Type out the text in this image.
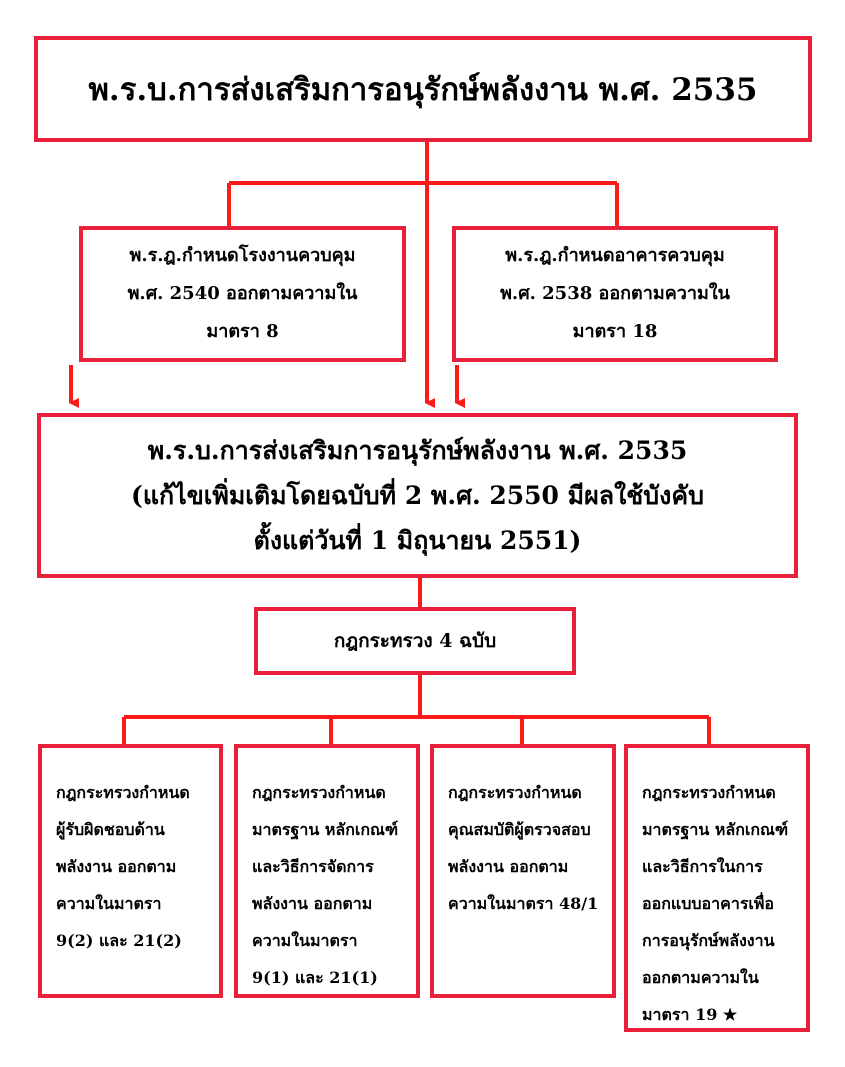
พ.ร.บ.การส่งเสริมการอนุรักษ์พลังงาน พ.ศ. 2535
พ.ร.ฎ.กำหนดโรงงานควบคุม
พ.ศ. 2540 ออกตามความใน
มาตรา 8
พ.ร.ฎ.กำหนดอาคารควบคุม
พ.ศ. 2538 ออกตามความใน
มาตรา 18
พ.ร.บ.การส่งเสริมการอนุรักษ์พลังงาน พ.ศ. 2535
(แก้ไขเพิ่มเติมโดยฉบับที่ 2 พ.ศ. 2550 มีผลใช้บังคับ
ตั้งแต่วันที่ 1 มิถุนายน 2551)
กฎกระทรวง 4 ฉบับ
กฎกระทรวงกำหนด
ผู้รับผิดชอบด้าน
พลังงาน ออกตาม
ความในมาตรา
9(2) และ 21(2)
กฎกระทรวงกำหนด
มาตรฐาน หลักเกณฑ์
และวิธีการจัดการ
พลังงาน ออกตาม
ความในมาตรา
9(1) และ 21(1)
กฎกระทรวงกำหนด
คุณสมบัติผู้ตรวจสอบ
พลังงาน ออกตาม
ความในมาตรา 48/1
กฎกระทรวงกำหนด
มาตรฐาน หลักเกณฑ์
และวิธีการในการ
ออกแบบอาคารเพื่อ
การอนุรักษ์พลังงาน
ออกตามความใน
มาตรา 19 ★
